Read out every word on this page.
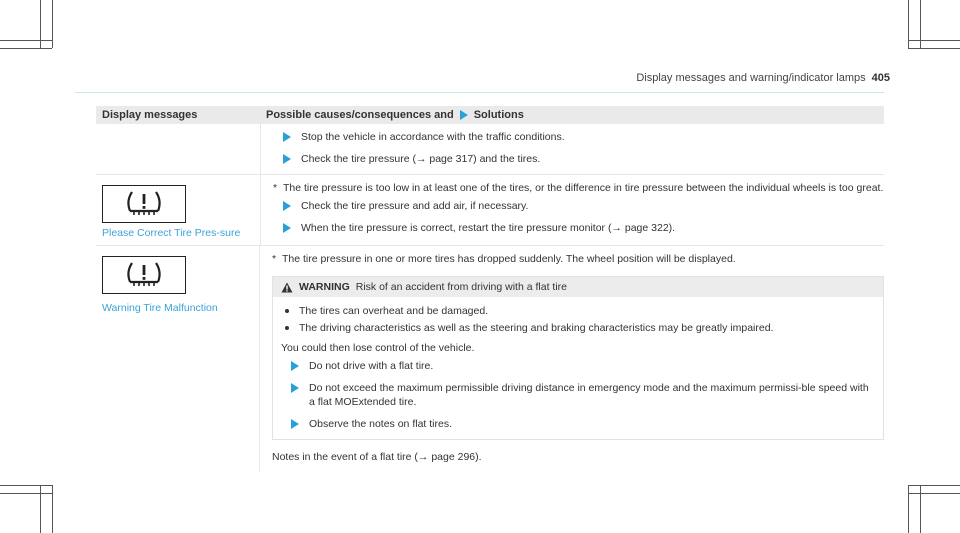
Display messages and warning/indicator lamps 405
Display messages	Possible causes/consequences and Solutions
Stop the vehicle in accordance with the traffic conditions.
Check the tire pressure (→ page 317) and the tires.
Please Correct Tire Pres-sure
* The tire pressure is too low in at least one of the tires, or the difference in tire pressure between the individual wheels is too great.
Check the tire pressure and add air, if necessary.
When the tire pressure is correct, restart the tire pressure monitor (→ page 322).
Warning Tire Malfunction
* The tire pressure in one or more tires has dropped suddenly. The wheel position will be displayed.
WARNING Risk of an accident from driving with a flat tire
The tires can overheat and be damaged.
The driving characteristics as well as the steering and braking characteristics may be greatly impaired.
You could then lose control of the vehicle.
Do not drive with a flat tire.
Do not exceed the maximum permissible driving distance in emergency mode and the maximum permissi-ble speed with a flat MOExtended tire.
Observe the notes on flat tires.
Notes in the event of a flat tire (→ page 296).
